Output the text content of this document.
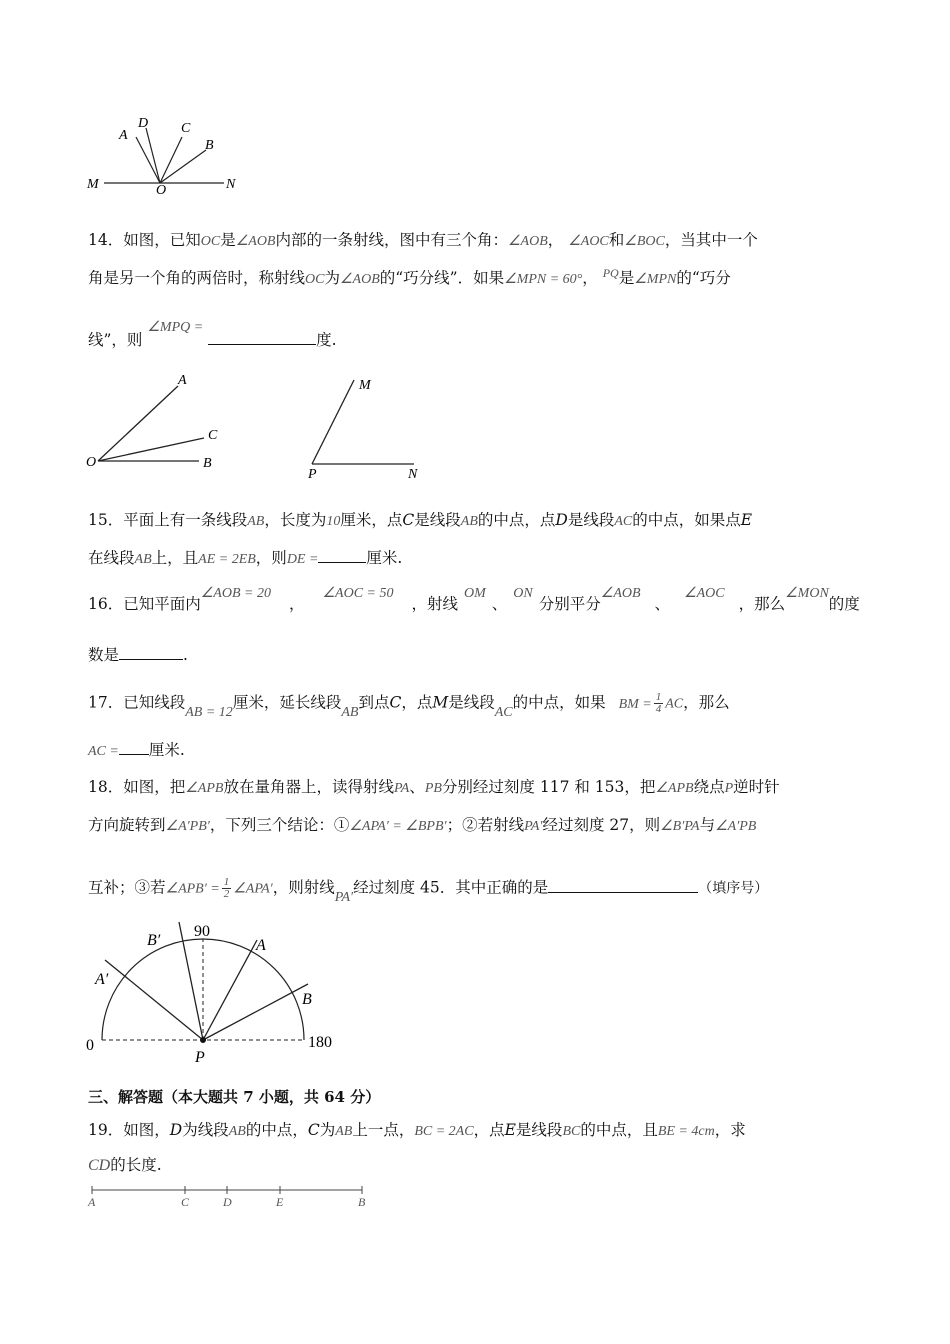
D
A	C
B
M	O	N
14．如图，已知OC是∠AOB内部的一条射线，图中有三个角：∠AOB， ∠AOC和∠BOC，当其中一个
角是另一个角的两倍时，称射线OC为∠AOB的“巧分线”．如果∠MPN = 60°， $^{PQ}$是∠MPN的“巧分
线”，则 ∠MPQ = 度.
A
C
O	B
M
P	N
15．平面上有一条线段AB，长度为10厘米，点C是线段AB的中点，点D是线段AC的中点，如果点E
在线段AB上，且AE = 2EB，则DE =	厘米.
16．已知平面内∠AOB = 20，∠AOC = 50，射线OM、ON分别平分∠AOB、∠AOC，那么∠MON的度
数是	.
17．已知线段AB = 12厘米，延长线段AB到点C，点M是线段AC的中点，如果 BM = $\frac{1}{4}$ AC，那么
AC = 厘米.
18．如图，把∠APB放在量角器上，读得射线PA、PB分别经过刻度 117 和 153，把∠APB绕点P逆时针
方向旋转到∠A′PB′，下列三个结论：①∠APA′ = ∠BPB′；②若射线PA′经过刻度 27，则∠B′PA与∠A′PB
互补；③若∠APB′ = $\frac{1}{2}$ ∠APA′，则射线PA′经过刻度 45．其中正确的是	（填序号）
B′
90
A
A′
B
0	180
P
三、解答题（本大题共 7 小题，共 64 分）
19．如图，D为线段AB的中点，C为AB上一点，BC = 2AC，点E是线段BC的中点，且BE = 4cm，求
CD的长度.
A	C	D	E	B
